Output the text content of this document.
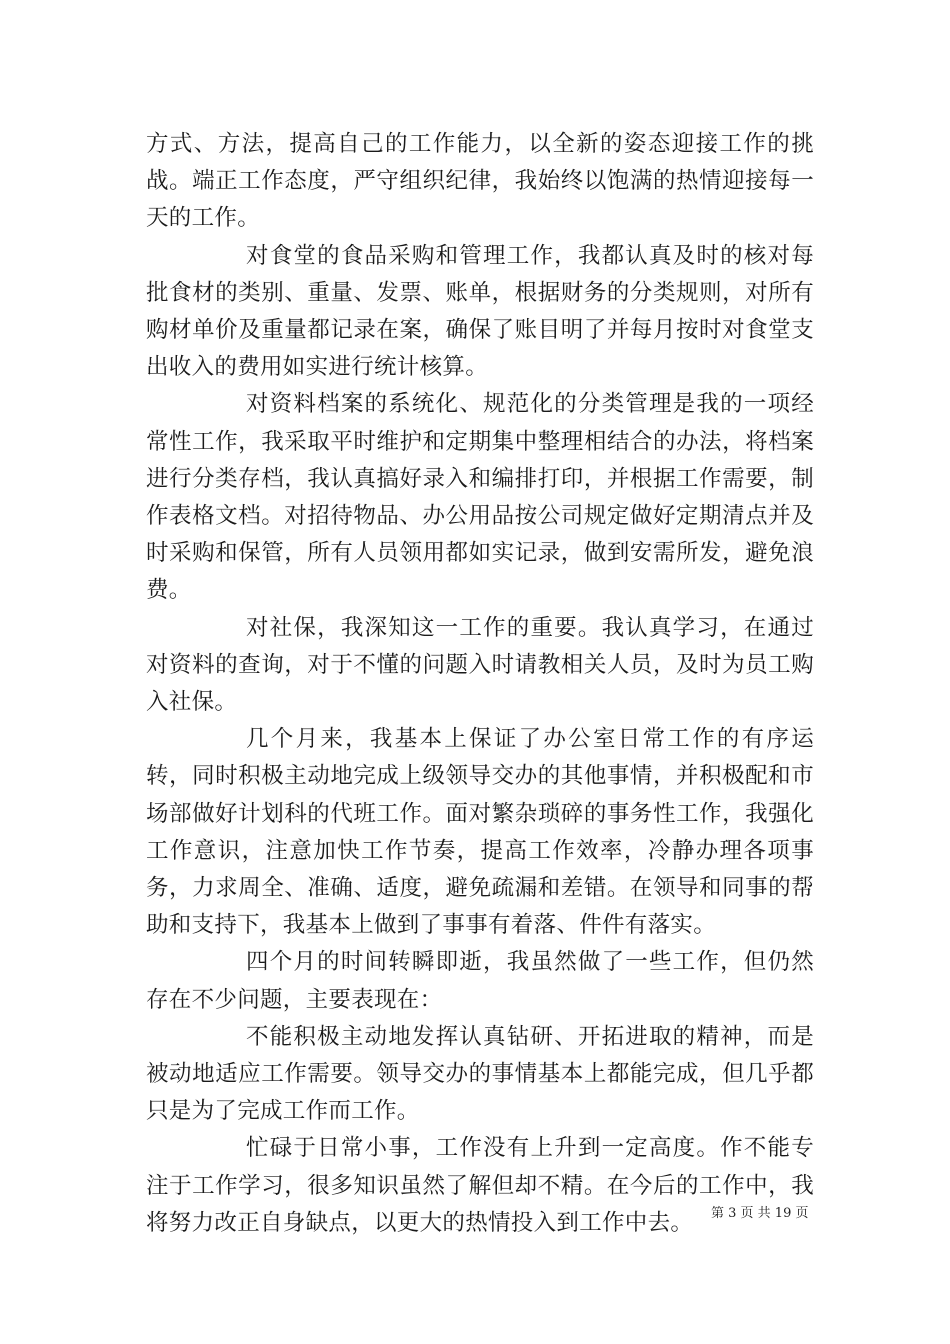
方式、方法，提高自己的工作能力，以全新的姿态迎接工作的挑战。端正工作态度，严守组织纪律，我始终以饱满的热情迎接每一天的工作。

对食堂的食品采购和管理工作，我都认真及时的核对每批食材的类别、重量、发票、账单，根据财务的分类规则，对所有购材单价及重量都记录在案，确保了账目明了并每月按时对食堂支出收入的费用如实进行统计核算。

对资料档案的系统化、规范化的分类管理是我的一项经常性工作，我采取平时维护和定期集中整理相结合的办法，将档案进行分类存档，我认真搞好录入和编排打印，并根据工作需要，制作表格文档。对招待物品、办公用品按公司规定做好定期清点并及时采购和保管，所有人员领用都如实记录，做到安需所发，避免浪费。

对社保，我深知这一工作的重要。我认真学习，在通过对资料的查询，对于不懂的问题入时请教相关人员，及时为员工购入社保。

几个月来，我基本上保证了办公室日常工作的有序运转，同时积极主动地完成上级领导交办的其他事情，并积极配和市场部做好计划科的代班工作。面对繁杂琐碎的事务性工作，我强化工作意识，注意加快工作节奏，提高工作效率，冷静办理各项事务，力求周全、准确、适度，避免疏漏和差错。在领导和同事的帮助和支持下，我基本上做到了事事有着落、件件有落实。

四个月的时间转瞬即逝，我虽然做了一些工作，但仍然存在不少问题，主要表现在：

不能积极主动地发挥认真钻研、开拓进取的精神，而是被动地适应工作需要。领导交办的事情基本上都能完成，但几乎都只是为了完成工作而工作。

忙碌于日常小事，工作没有上升到一定高度。作不能专注于工作学习，很多知识虽然了解但却不精。在今后的工作中，我将努力改正自身缺点，以更大的热情投入到工作中去。	第 3 页 共 19 页
